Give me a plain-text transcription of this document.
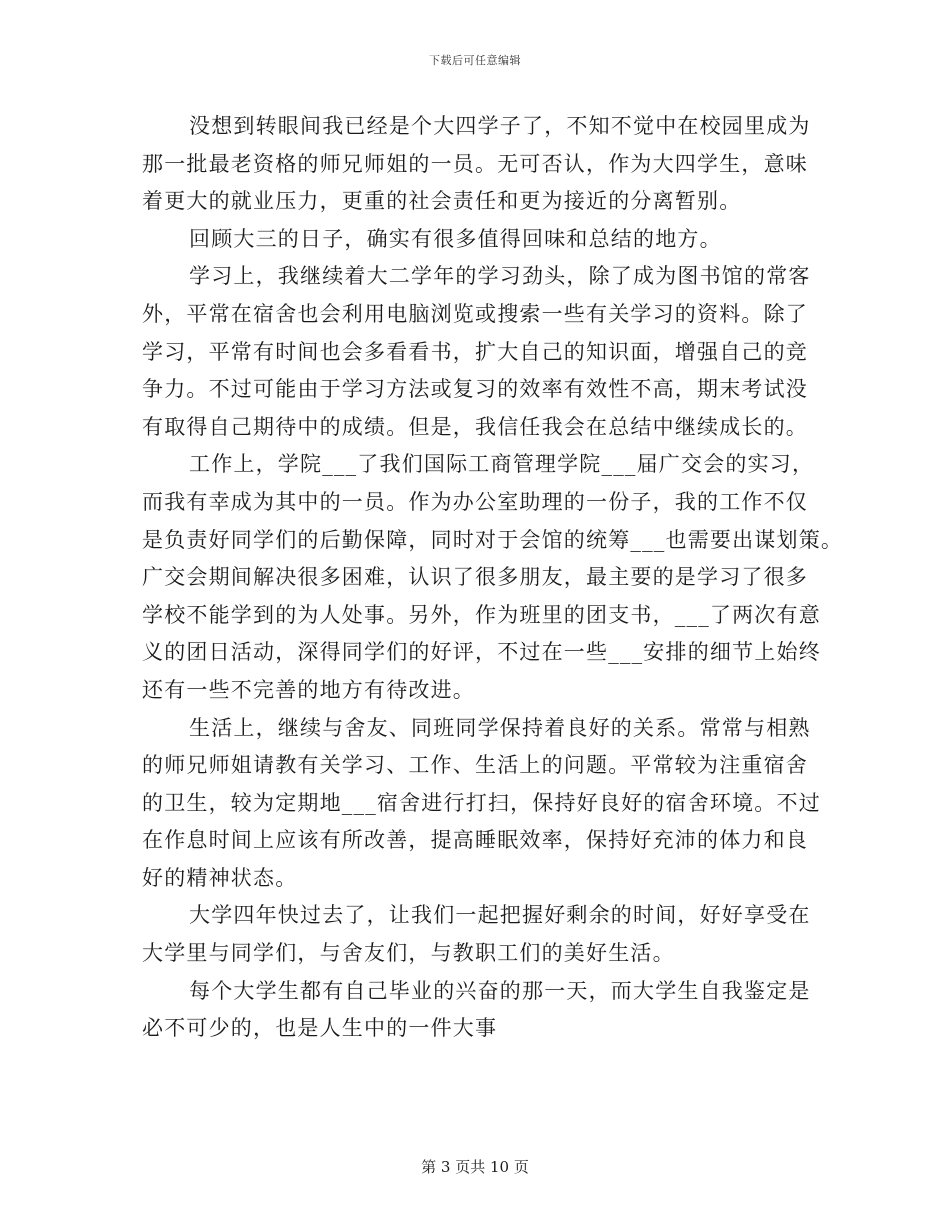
下载后可任意编辑
没想到转眼间我已经是个大四学子了，不知不觉中在校园里成为
那一批最老资格的师兄师姐的一员。无可否认，作为大四学生，意味
着更大的就业压力，更重的社会责任和更为接近的分离暂别。
回顾大三的日子，确实有很多值得回味和总结的地方。
学习上，我继续着大二学年的学习劲头，除了成为图书馆的常客
外，平常在宿舍也会利用电脑浏览或搜索一些有关学习的资料。除了
学习，平常有时间也会多看看书，扩大自己的知识面，增强自己的竞
争力。不过可能由于学习方法或复习的效率有效性不高，期末考试没
有取得自己期待中的成绩。但是，我信任我会在总结中继续成长的。
工作上，学院___了我们国际工商管理学院___届广交会的实习，
而我有幸成为其中的一员。作为办公室助理的一份子，我的工作不仅
是负责好同学们的后勤保障，同时对于会馆的统筹___也需要出谋划策。
广交会期间解决很多困难，认识了很多朋友，最主要的是学习了很多
学校不能学到的为人处事。另外，作为班里的团支书，___了两次有意
义的团日活动，深得同学们的好评，不过在一些___安排的细节上始终
还有一些不完善的地方有待改进。
生活上，继续与舍友、同班同学保持着良好的关系。常常与相熟
的师兄师姐请教有关学习、工作、生活上的问题。平常较为注重宿舍
的卫生，较为定期地___宿舍进行打扫，保持好良好的宿舍环境。不过
在作息时间上应该有所改善，提高睡眠效率，保持好充沛的体力和良
好的精神状态。
大学四年快过去了，让我们一起把握好剩余的时间，好好享受在
大学里与同学们，与舍友们，与教职工们的美好生活。
每个大学生都有自己毕业的兴奋的那一天，而大学生自我鉴定是
必不可少的，也是人生中的一件大事
第 3 页共 10 页
